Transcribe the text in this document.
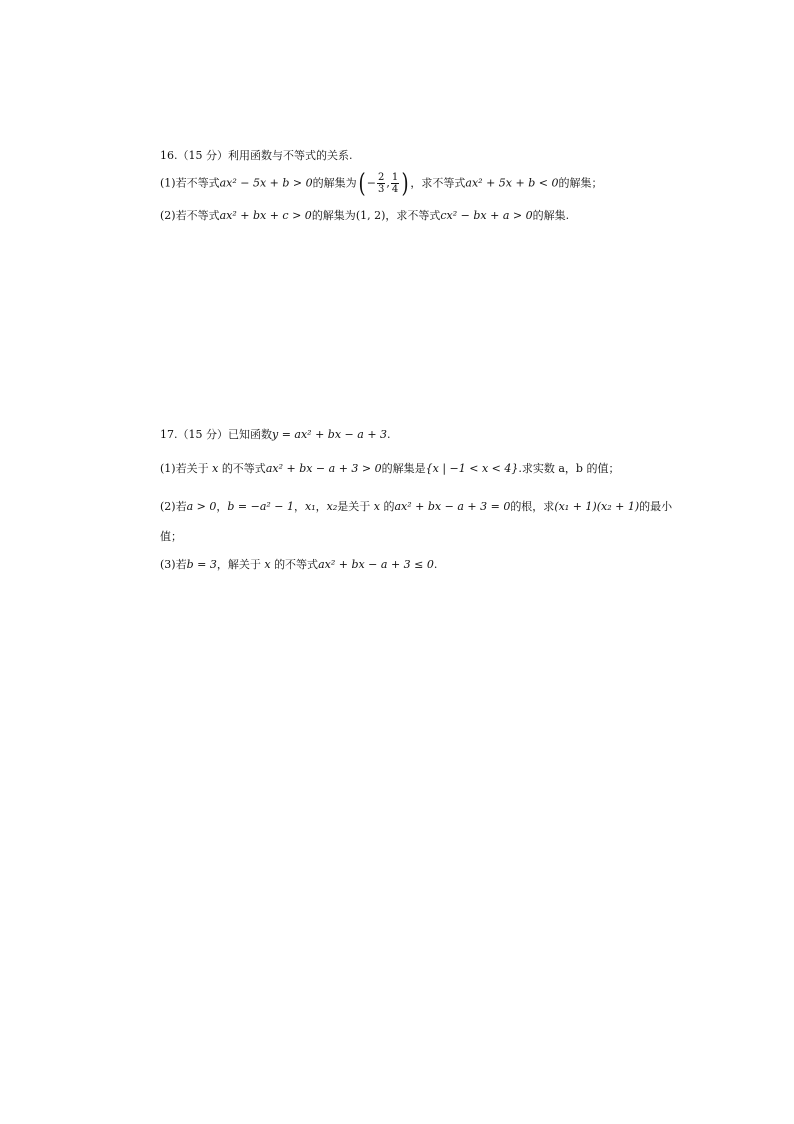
16.（15 分）利用函数与不等式的关系.
(1)若不等式ax² − 5x + b > 0的解集为( − $\frac{2}{3}$ , $\frac{1}{4}$ ) ，求不等式ax² + 5x + b < 0的解集；
(2)若不等式ax² + bx + c > 0的解集为(1, 2)，求不等式cx² − bx + a > 0的解集.
17.（15 分）已知函数y = ax² + bx − a + 3.
(1)若关于 x 的不等式ax² + bx − a + 3 > 0的解集是{x | −1 < x < 4}.求实数 a，b 的值；
(2)若a > 0，b = −a² − 1，x₁，x₂是关于 x 的ax² + bx − a + 3 = 0的根，求(x₁ + 1)(x₂ + 1)的最小
值；
(3)若b = 3，解关于 x 的不等式ax² + bx − a + 3 ≤ 0.
